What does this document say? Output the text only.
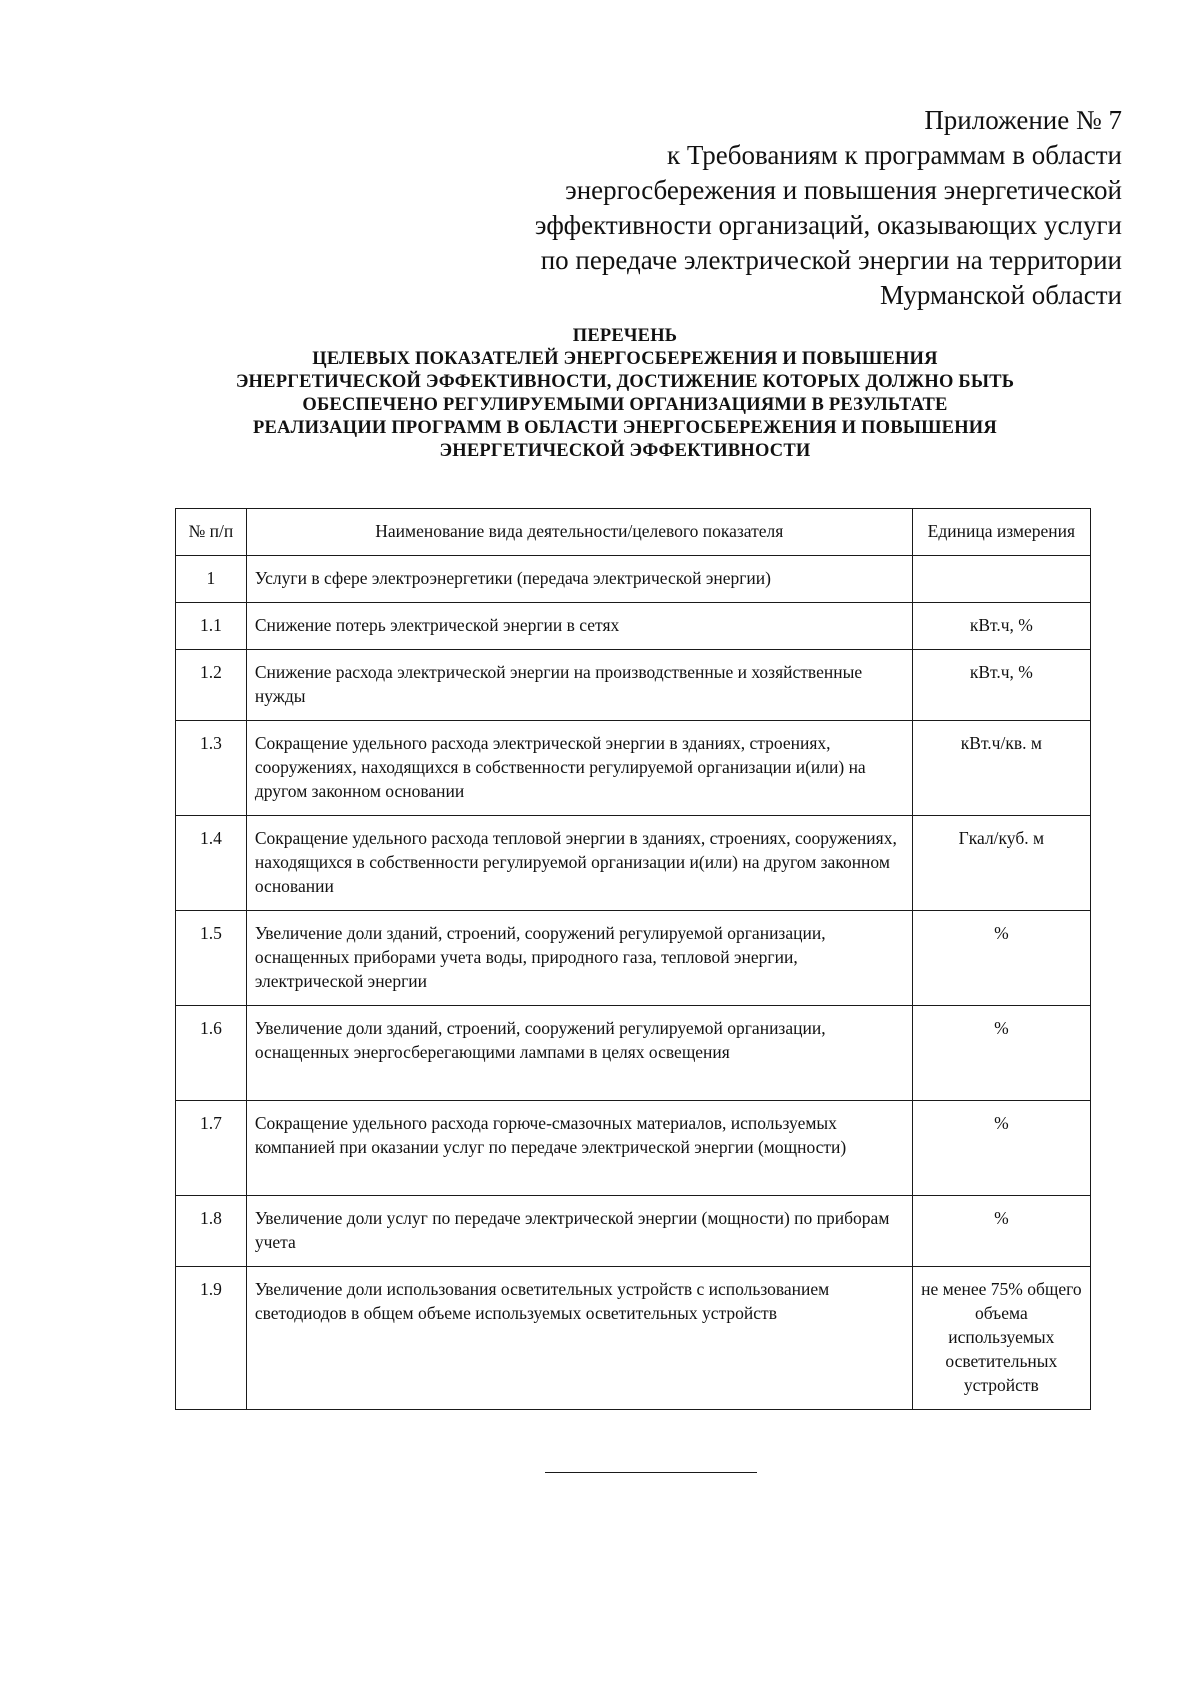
Приложение № 7
к Требованиям к программам в области
энергосбережения и повышения энергетической
эффективности организаций, оказывающих услуги
по передаче электрической энергии на территории
Мурманской области
ПЕРЕЧЕНЬ
ЦЕЛЕВЫХ ПОКАЗАТЕЛЕЙ ЭНЕРГОСБЕРЕЖЕНИЯ И ПОВЫШЕНИЯ
ЭНЕРГЕТИЧЕСКОЙ ЭФФЕКТИВНОСТИ, ДОСТИЖЕНИЕ КОТОРЫХ ДОЛЖНО БЫТЬ
ОБЕСПЕЧЕНО РЕГУЛИРУЕМЫМИ ОРГАНИЗАЦИЯМИ В РЕЗУЛЬТАТЕ
РЕАЛИЗАЦИИ ПРОГРАММ В ОБЛАСТИ ЭНЕРГОСБЕРЕЖЕНИЯ И ПОВЫШЕНИЯ
ЭНЕРГЕТИЧЕСКОЙ ЭФФЕКТИВНОСТИ
№ п/п	Наименование вида деятельности/целевого показателя	Единица измерения
1	Услуги в сфере электроэнергетики (передача электрической энергии)	
1.1	Снижение потерь электрической энергии в сетях	кВт.ч, %
1.2	Снижение расхода электрической энергии на производственные и хозяйственные нужды	кВт.ч, %
1.3	Сокращение удельного расхода электрической энергии в зданиях, строениях, сооружениях, находящихся в собственности регулируемой организации и(или) на другом законном основании	кВт.ч/кв. м
1.4	Сокращение удельного расхода тепловой энергии в зданиях, строениях, сооружениях, находящихся в собственности регулируемой организации и(или) на другом законном основании	Гкал/куб. м
1.5	Увеличение доли зданий, строений, сооружений регулируемой организации, оснащенных приборами учета воды, природного газа, тепловой энергии, электрической энергии	%
1.6	Увеличение доли зданий, строений, сооружений регулируемой организации, оснащенных энергосберегающими лампами в целях освещения	%
1.7	Сокращение удельного расхода горюче-смазочных материалов, используемых компанией при оказании услуг по передаче электрической энергии (мощности)	%
1.8	Увеличение доли услуг по передаче электрической энергии (мощности) по приборам учета	%
1.9	Увеличение доли использования осветительных устройств с использованием светодиодов в общем объеме используемых осветительных устройств	не менее 75% общего объема используемых осветительных устройств
